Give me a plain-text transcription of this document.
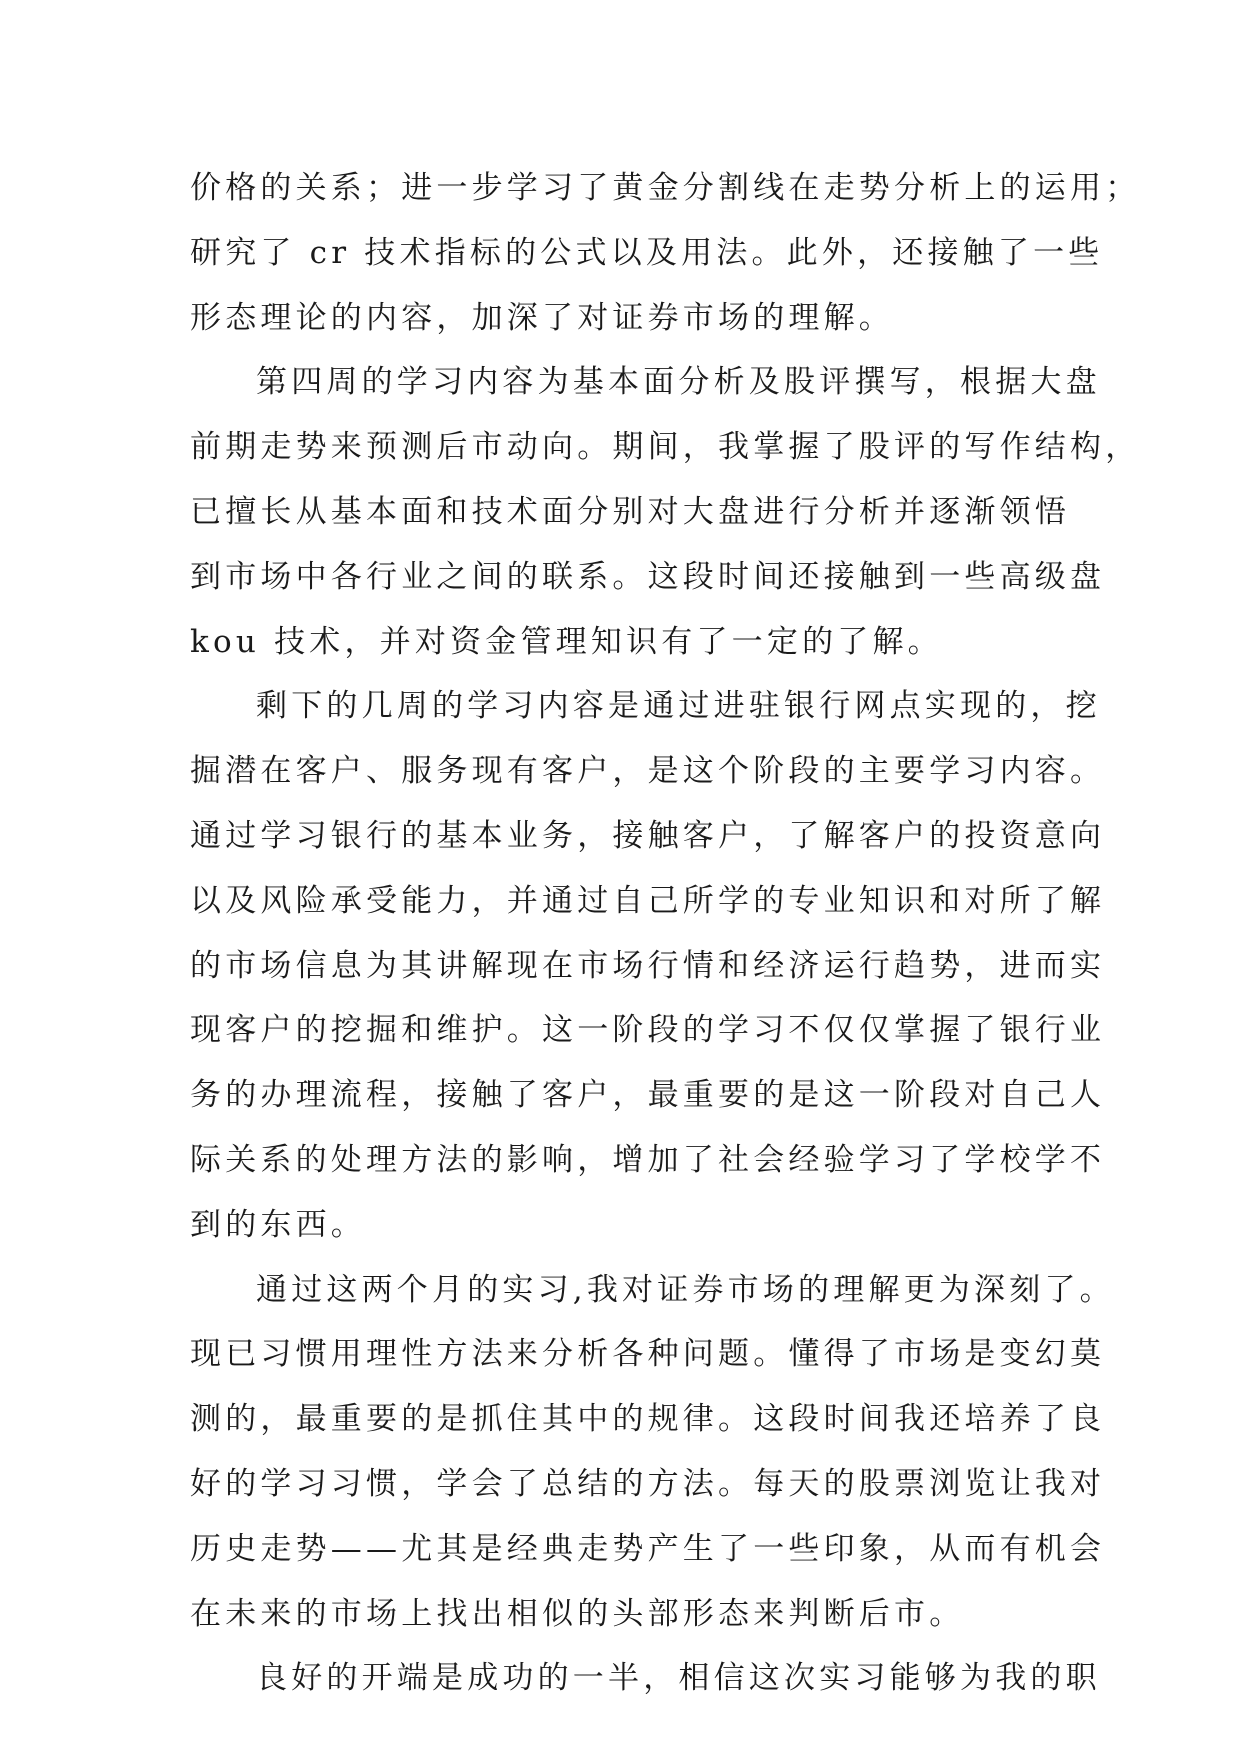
价格的关系；进一步学习了黄金分割线在走势分析上的运用；
研究了 cr 技术指标的公式以及用法。此外，还接触了一些
形态理论的内容，加深了对证券市场的理解。
第四周的学习内容为基本面分析及股评撰写，根据大盘
前期走势来预测后市动向。期间，我掌握了股评的写作结构，
已擅长从基本面和技术面分别对大盘进行分析并逐渐领悟
到市场中各行业之间的联系。这段时间还接触到一些高级盘
kou 技术，并对资金管理知识有了一定的了解。
剩下的几周的学习内容是通过进驻银行网点实现的，挖
掘潜在客户、服务现有客户，是这个阶段的主要学习内容。
通过学习银行的基本业务，接触客户，了解客户的投资意向
以及风险承受能力，并通过自己所学的专业知识和对所了解
的市场信息为其讲解现在市场行情和经济运行趋势，进而实
现客户的挖掘和维护。这一阶段的学习不仅仅掌握了银行业
务的办理流程，接触了客户，最重要的是这一阶段对自己人
际关系的处理方法的影响，增加了社会经验学习了学校学不
到的东西。
通过这两个月的实习,我对证券市场的理解更为深刻了。
现已习惯用理性方法来分析各种问题。懂得了市场是变幻莫
测的，最重要的是抓住其中的规律。这段时间我还培养了良
好的学习习惯，学会了总结的方法。每天的股票浏览让我对
历史走势——尤其是经典走势产生了一些印象，从而有机会
在未来的市场上找出相似的头部形态来判断后市。
良好的开端是成功的一半，相信这次实习能够为我的职
